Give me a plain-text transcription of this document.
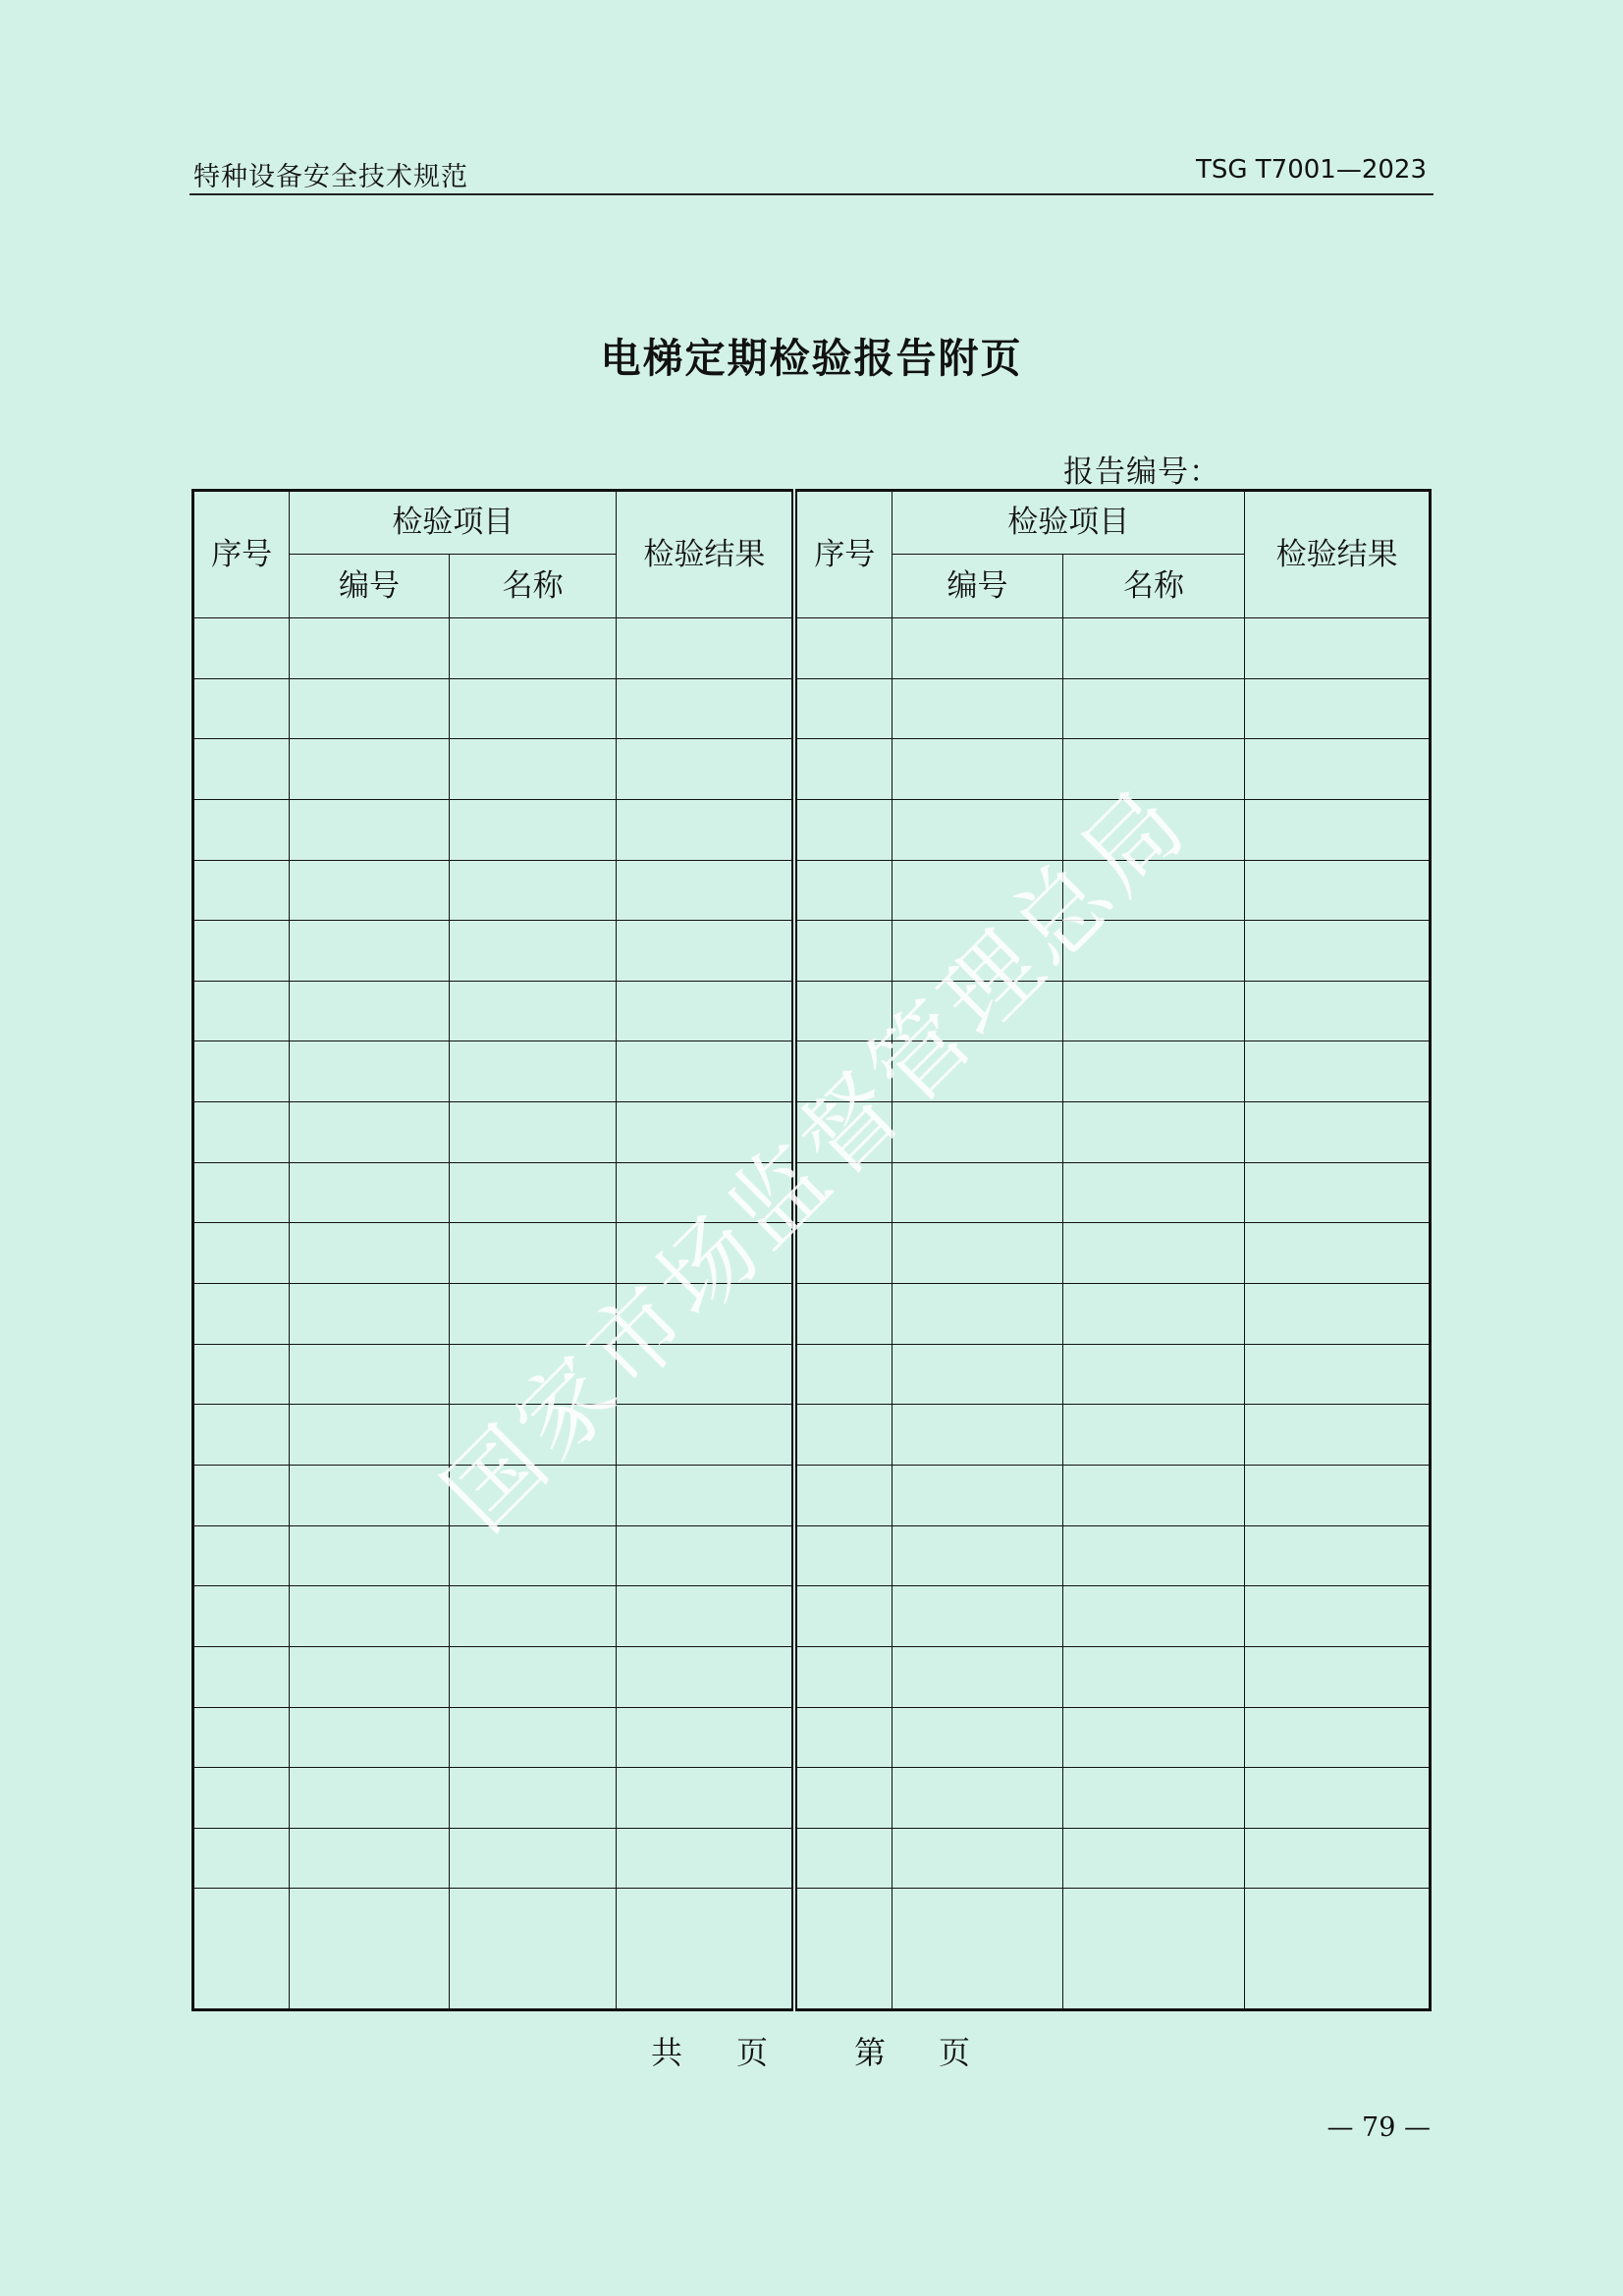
特种设备安全技术规范	TSG T7001—2023
电梯定期检验报告附页
报告编号：
序号	检验项目		检验结果	序号	检验项目		检验结果
	编号	名称			编号	名称	

共 页	第 页
— 79 —
国家市场监督管理总局
